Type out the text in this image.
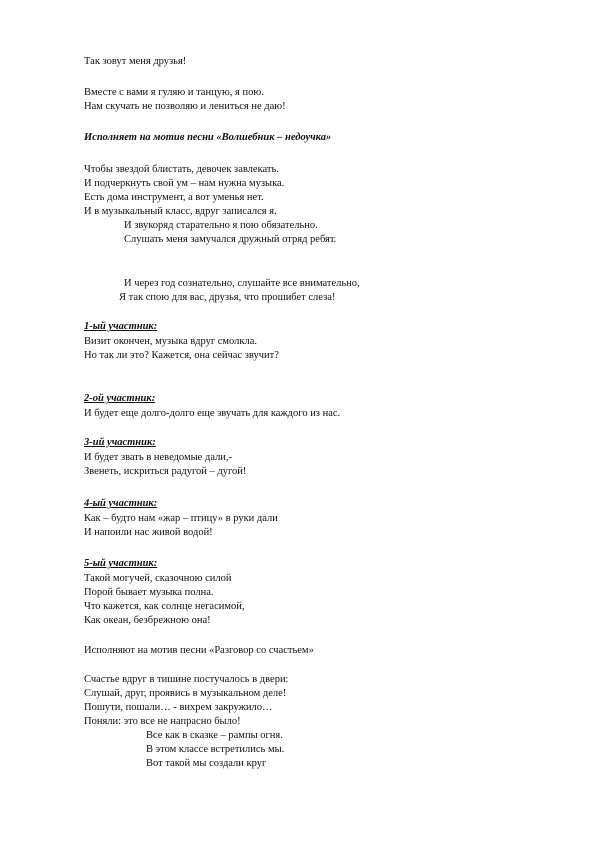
Так зовут меня друзья!
Вместе с вами я гуляю и танцую, я пою.
Нам скучать не позволяю и лениться не даю!
Исполняет на мотив песни «Волшебник – недоучка»
Чтобы звездой блистать, девочек завлекать.
И подчеркнуть свой ум – нам нужна музыка.
Есть дома инструмент, а вот уменья нет.
И в музыкальный класс, вдруг записался я.
И звукоряд старательно я пою обязательно.
Слушать меня замучался дружный отряд ребят.
И через год сознательно, слушайте все внимательно,
Я так спою для вас, друзья, что прошибет слеза!
1-ый участник:
Визит окончен, музыка вдруг смолкла.
Но так ли это? Кажется, она сейчас звучит?
2-ой участник:
И будет еще долго-долго еще звучать для каждого из нас.
3-ий участник:
И будет звать в неведомые дали,-
Звенеть, искриться радугой – дугой!
4-ый участник:
Как – будто нам «жар – птицу» в руки дали
И напоили нас живой водой!
5-ый участник:
Такой могучей, сказочною силой
Порой бывает музыка полна.
Что кажется, как солнце негасимой,
Как океан, безбрежною она!
Исполняют на мотив песни «Разговор со счастьем»
Счастье вдруг в тишине постучалось в двери:
Слушай, друг, проявись в музыкальном деле!
Пошути, пошали… - вихрем закружило…
Поняли: это все не напрасно было!
Все как в сказке – рампы огня.
В этом классе встретились мы.
Вот такой мы создали круг
